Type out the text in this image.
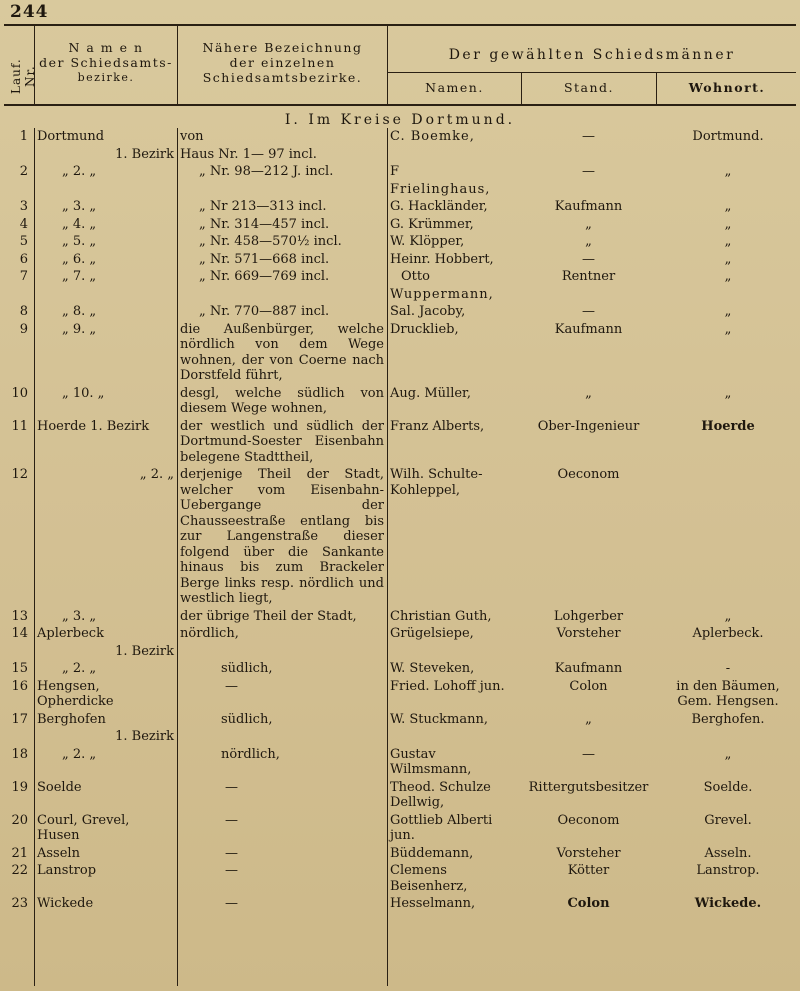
244
Lauf. Nr.
N a m e n
der Schiedsamts-
bezirke.
Nähere Bezeichnung
der einzelnen
Schiedsamtsbezirke.
Der gewählten Schiedsmänner
Namen.	Stand.	Wohnort.
I. Im Kreise Dortmund.
1	Dortmund	von	C. Boemke,	—	Dortmund.
	1. Bezirk	Haus Nr. 1— 97 incl.			
2	„ 2. „	„ Nr. 98—212 J. incl.	F	—	„
			Frielinghaus,		
3	„ 3. „	„ Nr 213—313 incl.	G. Hackländer,	Kaufmann	„
4	„ 4. „	„ Nr. 314—457 incl.	G. Krümmer,	„	„
5	„ 5. „	„ Nr. 458—570½ incl.	W. Klöpper,	„	„
6	„ 6. „	„ Nr. 571—668 incl.	Heinr. Hobbert,	—	„
7	„ 7. „	„ Nr. 669—769 incl.	Otto	Rentner	„
			Wuppermann,		
8	„ 8. „	„ Nr. 770—887 incl.	Sal. Jacoby,	—	„
9	„ 9. „	die Außenbürger, welche nördlich von dem Wege wohnen, der von Coerne nach Dorstfeld führt,	Drucklieb,	Kaufmann	„
10	„ 10. „	desgl, welche südlich von diesem Wege wohnen,	Aug. Müller,	„	„
11	Hoerde 1. Bezirk	der westlich und südlich der Dortmund-Soester Eisenbahn belegene Stadttheil,	Franz Alberts,	Ober-Ingenieur	Hoerde
12	„ 2. „	derjenige Theil der Stadt, welcher vom Eisenbahn-Uebergange der Chausseestraße entlang bis zur Langenstraße dieser folgend über die Sankante hinaus bis zum Brackeler Berge links resp. nördlich und westlich liegt,	Wilh. Schulte-Kohleppel,	Oeconom	
13	„ 3. „	der übrige Theil der Stadt,	Christian Guth,	Lohgerber	„
14	Aplerbeck	nördlich,	Grügelsiepe,	Vorsteher	Aplerbeck.
	1. Bezirk				
15	„ 2. „	südlich,	W. Steveken,	Kaufmann	-
16	Hengsen, Opherdicke	—	Fried. Lohoff jun.	Colon	in den Bäumen, Gem. Hengsen.
17	Berghofen	südlich,	W. Stuckmann,	„	Berghofen.
	1. Bezirk				
18	„ 2. „	nördlich,	Gustav Wilmsmann,	—	„
19	Soelde	—	Theod. Schulze Dellwig,	Rittergutsbesitzer	Soelde.
20	Courl, Grevel, Husen	—	Gottlieb Alberti jun.	Oeconom	Grevel.
21	Asseln	—	Büddemann,	Vorsteher	Asseln.
22	Lanstrop	—	Clemens Beisenherz,	Kötter	Lanstrop.
23	Wickede	—	Hesselmann,	Colon	Wickede.
